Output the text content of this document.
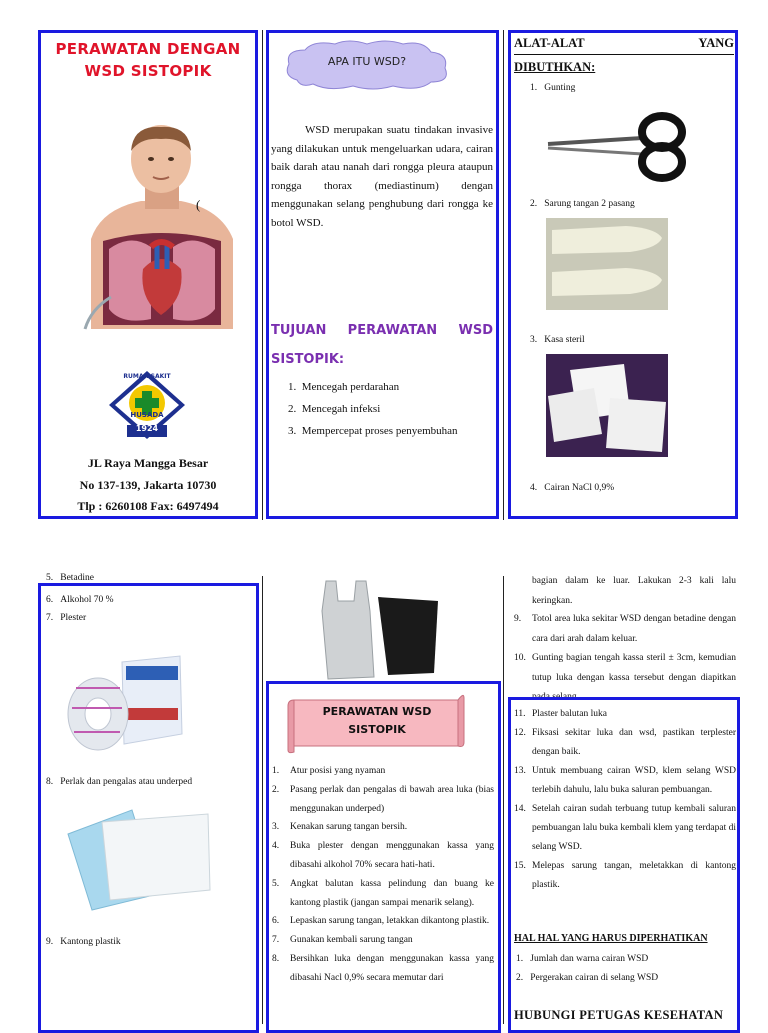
PERAWATAN DENGAN
WSD SISTOPIK
(
RUMAH SAKIT
HUSADA
1924
JL Raya Mangga Besar
No 137-139, Jakarta 10730
Tlp : 6260108 Fax: 6497494
APA ITU WSD?
WSD merupakan suatu tindakan invasive yang dilakukan untuk mengeluarkan udara, cairan baik darah atau nanah dari rongga pleura ataupun rongga thorax (mediastinum) dengan menggunakan selang penghubung dari rongga ke botol WSD.
TUJUAN PERAWATAN WSD
SISTOPIK:
1.  Mencegah perdarahan
2.  Mencegah infeksi
3.  Mempercepat proses penyembuhan
ALAT-ALAT	YANG
DIBUTHKAN:
1. Gunting
2. Sarung tangan 2 pasang
3. Kasa steril
4. Cairan NaCl 0,9%
5. Betadine
6. Alkohol 70 %
7. Plester
8. Perlak dan pengalas atau underped
9. Kantong plastik
PERAWATAN WSD
SISTOPIK
1.	Atur posisi yang nyaman
2.	Pasang perlak dan pengalas di bawah area luka (bias menggunakan underped)
3.	Kenakan sarung tangan bersih.
4.	Buka plester dengan menggunakan kassa yang dibasahi alkohol 70% secara hati-hati.
5.	Angkat balutan kassa pelindung dan buang ke kantong plastik (jangan sampai menarik selang).
6.	Lepaskan sarung tangan, letakkan dikantong plastik.
7.	Gunakan kembali sarung tangan
8.	Bersihkan luka dengan menggunakan kassa yang dibasahi Nacl 0,9% secara memutar dari
bagian dalam ke luar. Lakukan 2-3 kali lalu keringkan.
9.	Totol area luka sekitar WSD dengan betadine dengan cara dari arah dalam keluar.
10. Gunting bagian tengah kassa steril ± 3cm, kemudian tutup luka dengan kassa tersebut dengan diapitkan
11. Plaster balutan luka
12. Fiksasi sekitar luka dan wsd, pastikan terplester dengan baik.
13. Untuk membuang cairan WSD, klem selang WSD terlebih dahulu, lalu buka saluran pembuangan.
14. Setelah cairan sudah terbuang tutup kembali saluran pembuangan lalu buka kembali klem yang terdapat di selang WSD.
15. Melepas sarung tangan, meletakkan di kantong plastik.
HAL HAL YANG HARUS DIPERHATIKAN
1. Jumlah dan warna cairan WSD
2. Pergerakan cairan di selang WSD
HUBUNGI PETUGAS KESEHATAN
